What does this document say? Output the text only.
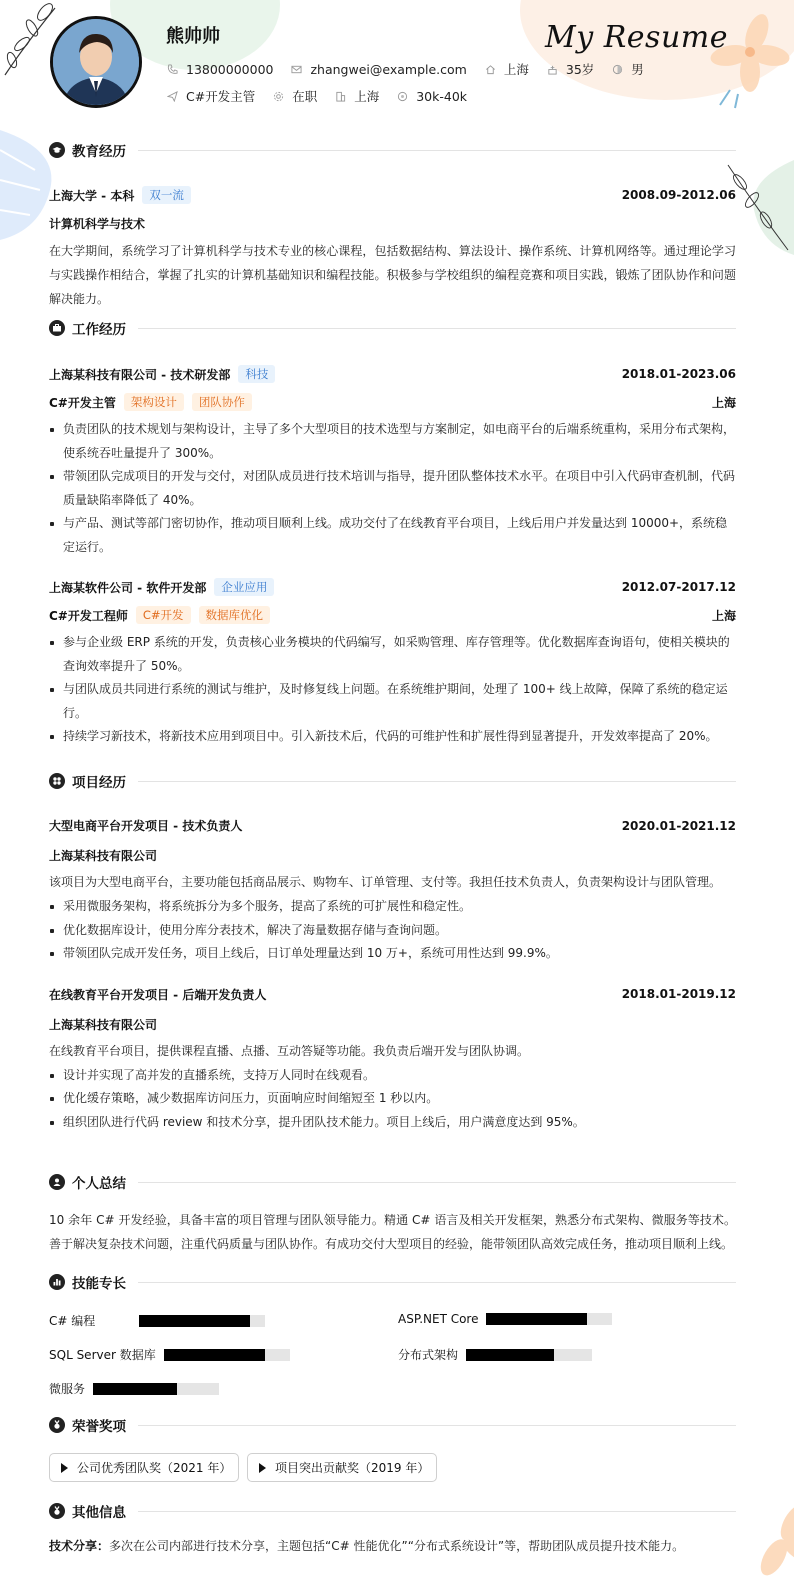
熊帅帅	My Resume
13800000000	zhangwei@example.com	上海	35岁	男
C#开发主管	在职	上海	30k-40k
教育经历
上海大学 - 本科	双一流	2008.09-2012.06
计算机科学与技术
在大学期间，系统学习了计算机科学与技术专业的核心课程，包括数据结构、算法设计、操作系统、计算机网络等。通过理论学习与实践操作相结合，掌握了扎实的计算机基础知识和编程技能。积极参与学校组织的编程竞赛和项目实践，锻炼了团队协作和问题解决能力。
工作经历
上海某科技有限公司 - 技术研发部	科技	2018.01-2023.06
C#开发主管	架构设计	团队协作	上海
负责团队的技术规划与架构设计，主导了多个大型项目的技术选型与方案制定，如电商平台的后端系统重构，采用分布式架构，使系统吞吐量提升了 300%。
带领团队完成项目的开发与交付，对团队成员进行技术培训与指导，提升团队整体技术水平。在项目中引入代码审查机制，代码质量缺陷率降低了 40%。
与产品、测试等部门密切协作，推动项目顺利上线。成功交付了在线教育平台项目，上线后用户并发量达到 10000+，系统稳定运行。
上海某软件公司 - 软件开发部	企业应用	2012.07-2017.12
C#开发工程师	C#开发	数据库优化	上海
参与企业级 ERP 系统的开发，负责核心业务模块的代码编写，如采购管理、库存管理等。优化数据库查询语句，使相关模块的查询效率提升了 50%。
与团队成员共同进行系统的测试与维护，及时修复线上问题。在系统维护期间，处理了 100+ 线上故障，保障了系统的稳定运行。
持续学习新技术，将新技术应用到项目中。引入新技术后，代码的可维护性和扩展性得到显著提升，开发效率提高了 20%。
项目经历
大型电商平台开发项目 - 技术负责人	2020.01-2021.12
上海某科技有限公司
该项目为大型电商平台，主要功能包括商品展示、购物车、订单管理、支付等。我担任技术负责人，负责架构设计与团队管理。
采用微服务架构，将系统拆分为多个服务，提高了系统的可扩展性和稳定性。
优化数据库设计，使用分库分表技术，解决了海量数据存储与查询问题。
带领团队完成开发任务，项目上线后，日订单处理量达到 10 万+，系统可用性达到 99.9%。
在线教育平台开发项目 - 后端开发负责人	2018.01-2019.12
上海某科技有限公司
在线教育平台项目，提供课程直播、点播、互动答疑等功能。我负责后端开发与团队协调。
设计并实现了高并发的直播系统，支持万人同时在线观看。
优化缓存策略，减少数据库访问压力，页面响应时间缩短至 1 秒以内。
组织团队进行代码 review 和技术分享，提升团队技术能力。项目上线后，用户满意度达到 95%。
个人总结
10 余年 C# 开发经验，具备丰富的项目管理与团队领导能力。精通 C# 语言及相关开发框架，熟悉分布式架构、微服务等技术。善于解决复杂技术问题，注重代码质量与团队协作。有成功交付大型项目的经验，能带领团队高效完成任务，推动项目顺利上线。
技能专长
C# 编程	ASP.NET Core
SQL Server 数据库	分布式架构
微服务
荣誉奖项
公司优秀团队奖（2021 年）	项目突出贡献奖（2019 年）
其他信息
技术分享：多次在公司内部进行技术分享，主题包括“C# 性能优化”“分布式系统设计”等，帮助团队成员提升技术能力。
